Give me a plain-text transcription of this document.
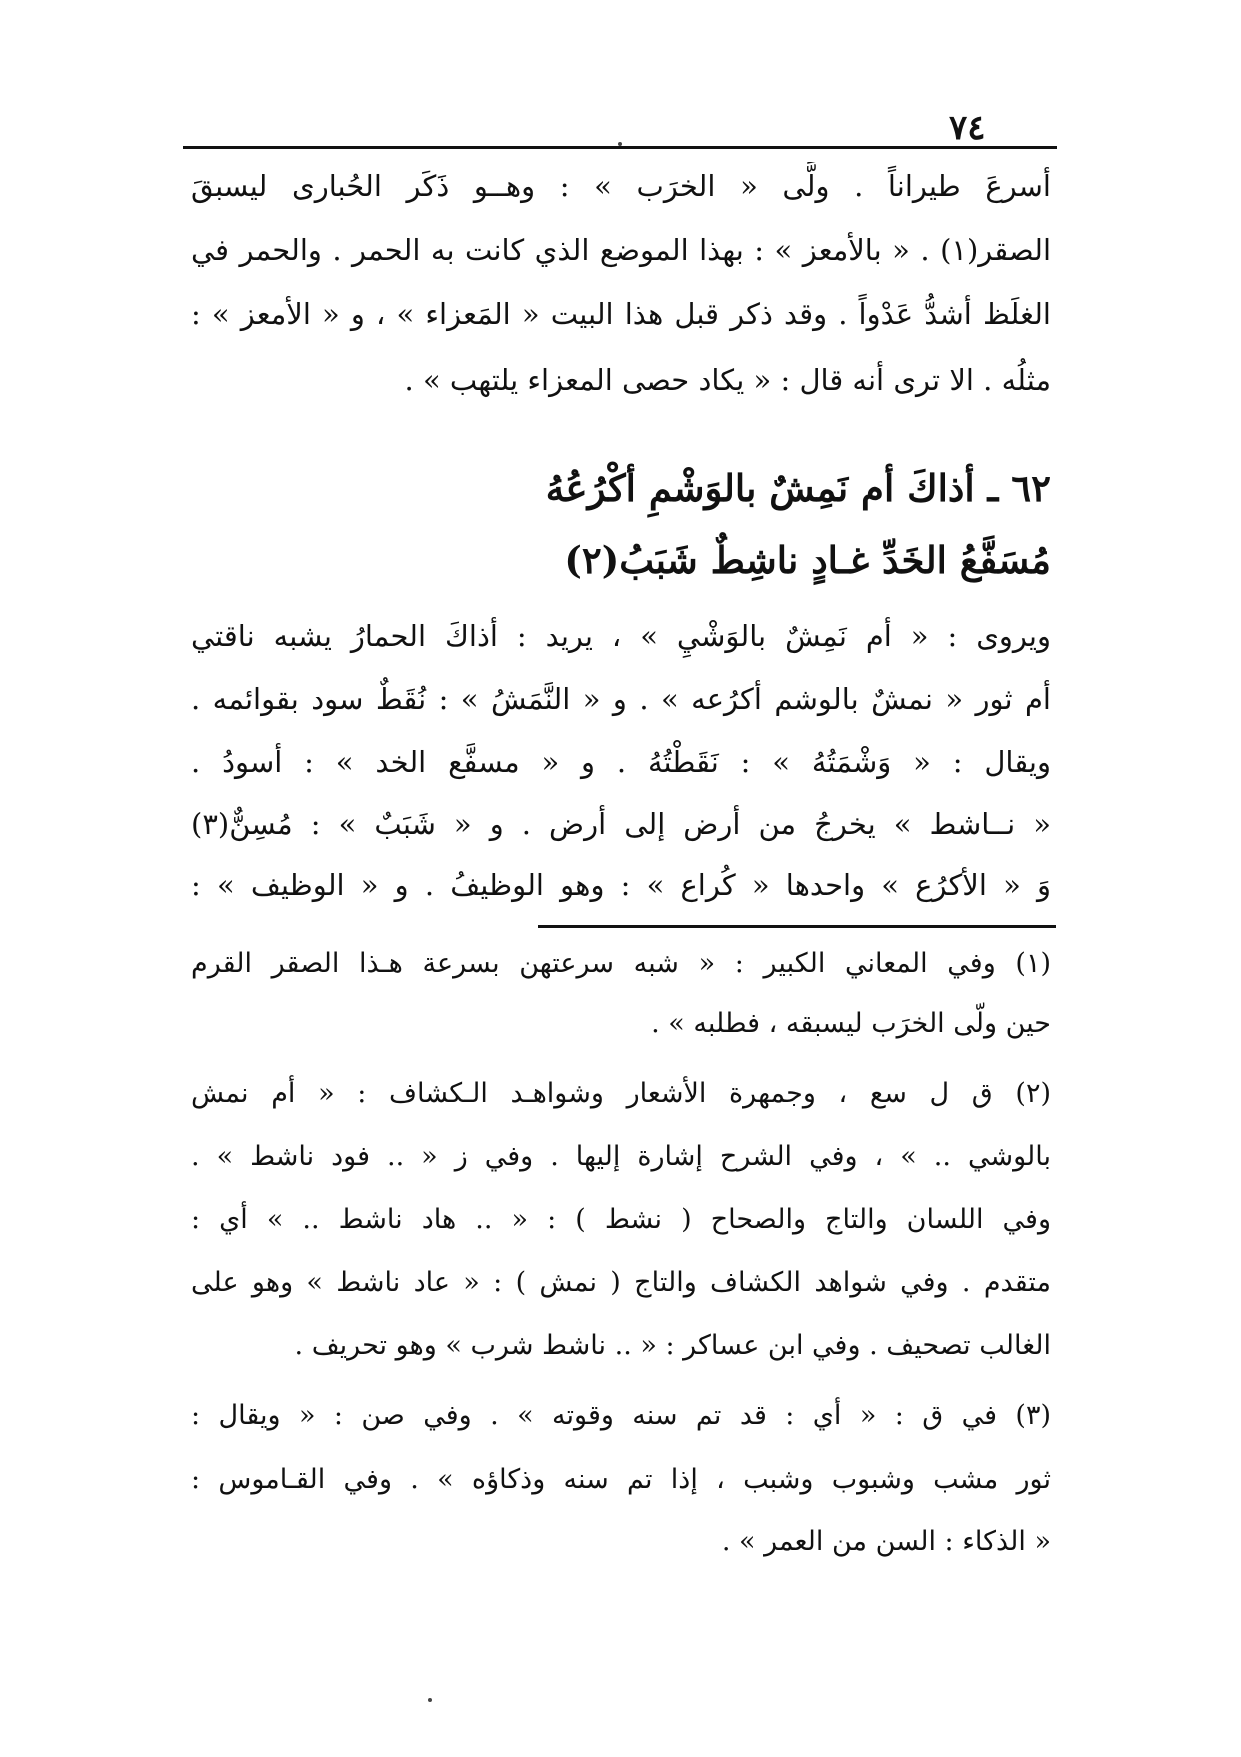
٧٤
أسرعَ طيراناً . ولَّى « الخرَب » : وهــو ذَكَر الحُبارى ليسبقَ
الصقر(١) . « بالأمعز » : بهذا الموضع الذي كانت به الحمر . والحمر في
الغلَظ أشدُّ عَدْواً . وقد ذكر قبل هذا البيت « المَعزاء » ، و « الأمعز » :
مثلُه . الا ترى أنه قال : « يكاد حصى المعزاء يلتهب » .
٦٢ ـ أذاكَ أم نَمِشٌ بالوَشْمِ أكْرُعُهُ
مُسَفَّعُ الخَدِّ غـادٍ ناشِطٌ شَبَبُ(٢)
ويروى : « أم نَمِشٌ بالوَشْيِ » ، يريد : أذاكَ الحمارُ يشبه ناقتي
أم ثور « نمشٌ بالوشم أكرُعه » . و « النَّمَشُ » : نُقَطٌ سود بقوائمه .
ويقال : « وَشْمَتُهُ » : نَقَطْتُهُ . و « مسفَّع الخد » : أسودُ .
« نــاشط » يخرجُ من أرض إلى أرض . و « شَبَبٌ » : مُسِنٌّ(٣)
وَ « الأكرُع » واحدها « كُراع » : وهو الوظيفُ . و « الوظيف » :
(١) وفي المعاني الكبير : « شبه سرعتهن بسرعة هـذا الصقر القرم
حين ولّى الخرَب ليسبقه ، فطلبه » .
(٢) ق ل سع ، وجمهرة الأشعار وشواهـد الـكشاف : « أم نمش
بالوشي .. » ، وفي الشرح إشارة إليها . وفي ز « .. فود ناشط » .
وفي اللسان والتاج والصحاح ( نشط ) : « .. هاد ناشط .. » أي :
متقدم . وفي شواهد الكشاف والتاج ( نمش ) : « عاد ناشط » وهو على
الغالب تصحيف . وفي ابن عساكر : « .. ناشط شرب » وهو تحريف .
(٣) في ق : « أي : قد تم سنه وقوته » . وفي صن : « ويقال :
ثور مشب وشبوب وشبب ، إذا تم سنه وذكاؤه » . وفي القـاموس :
« الذكاء : السن من العمر » .
